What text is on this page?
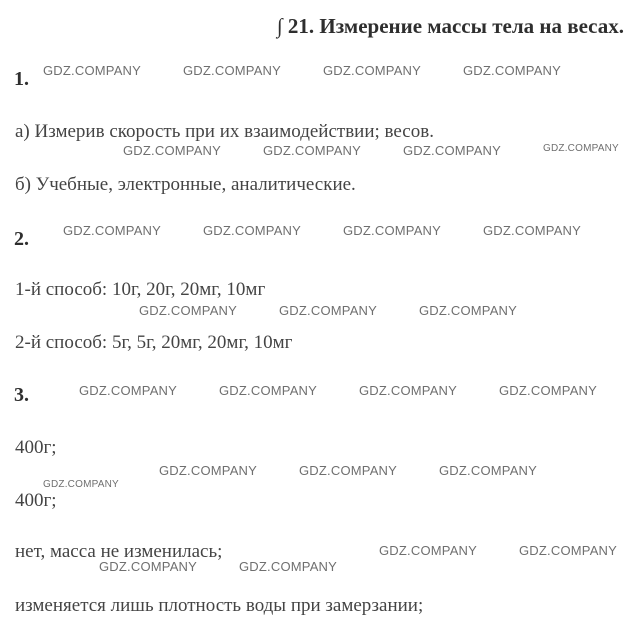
∫ 21. Измерение массы тела на весах.
1.
а) Измерив скорость при их взаимодействии; весов.
б) Учебные, электронные, аналитические.
2.
1-й способ: 10г, 20г, 20мг, 10мг
2-й способ: 5г, 5г, 20мг, 20мг, 10мг
3.
400г;
400г;
нет, масса не изменилась;
изменяется лишь плотность воды при замерзании;
GDZ.COMPANY	GDZ.COMPANY	GDZ.COMPANY	GDZ.COMPANY
GDZ.COMPANY	GDZ.COMPANY	GDZ.COMPANY	GDZ.COMPANY
GDZ.COMPANY	GDZ.COMPANY	GDZ.COMPANY	GDZ.COMPANY
GDZ.COMPANY	GDZ.COMPANY	GDZ.COMPANY
GDZ.COMPANY	GDZ.COMPANY	GDZ.COMPANY	GDZ.COMPANY
GDZ.COMPANY	GDZ.COMPANY	GDZ.COMPANY
GDZ.COMPANY
GDZ.COMPANY	GDZ.COMPANY
GDZ.COMPANY	GDZ.COMPANY
